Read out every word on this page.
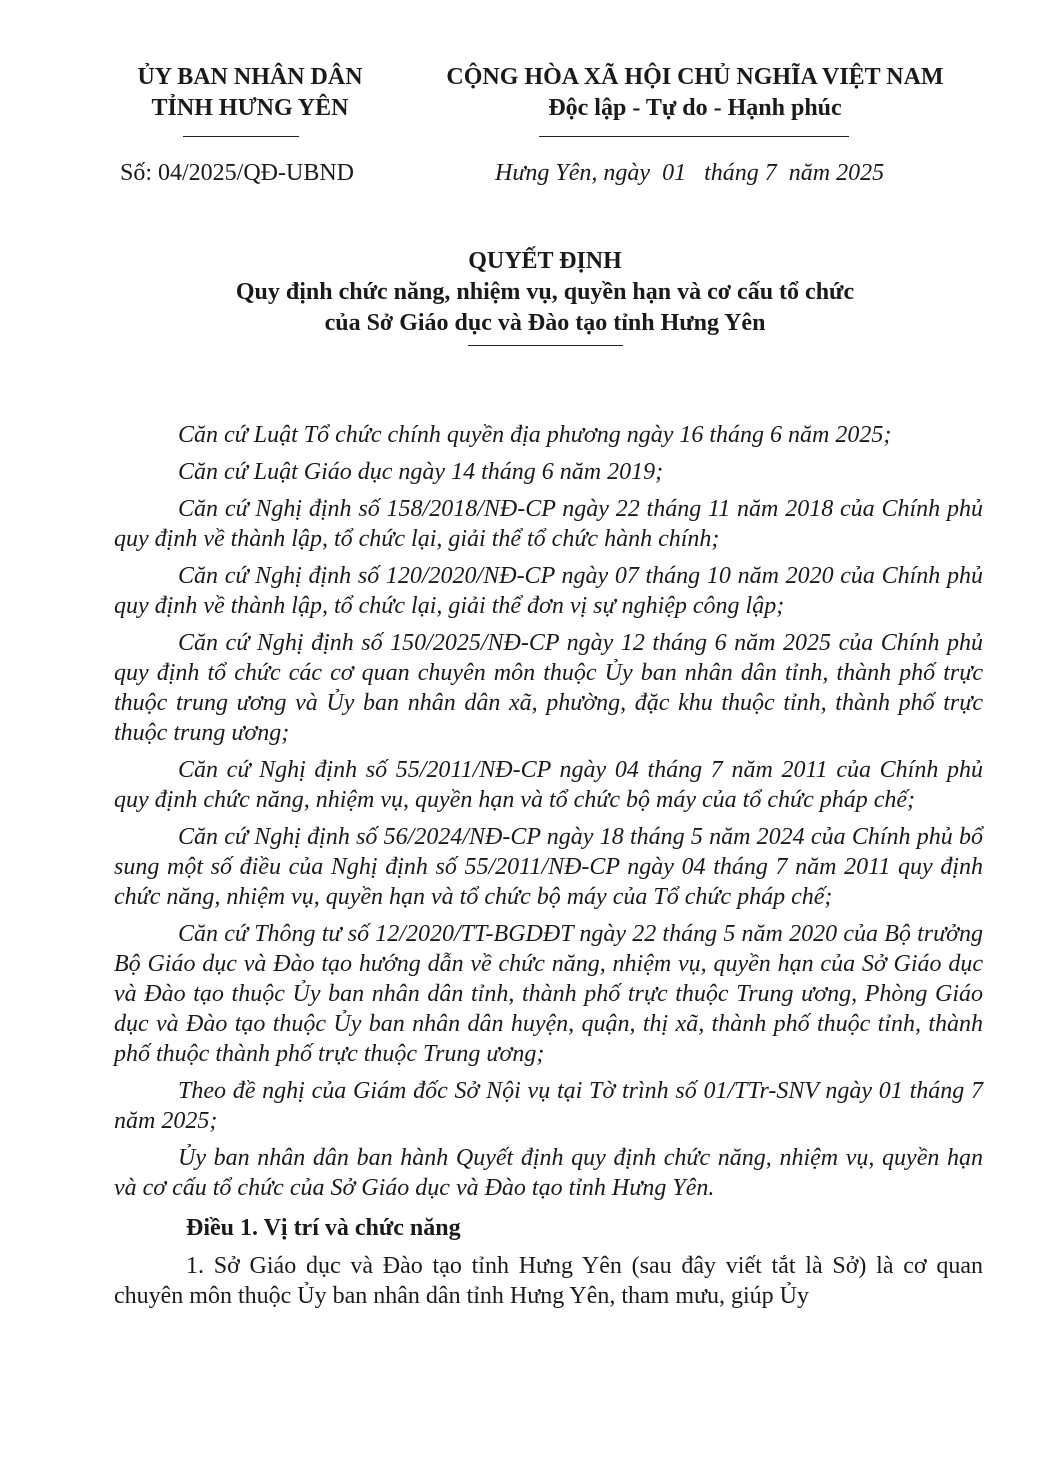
ỦY BAN NHÂN DÂN
TỈNH HƯNG YÊN
CỘNG HÒA XÃ HỘI CHỦ NGHĨA VIỆT NAM
Độc lập - Tự do - Hạnh phúc
Số: 04/2025/QĐ-UBND	Hưng Yên, ngày  01   tháng 7  năm 2025
QUYẾT ĐỊNH
Quy định chức năng, nhiệm vụ, quyền hạn và cơ cấu tổ chức
của Sở Giáo dục và Đào tạo tỉnh Hưng Yên

Căn cứ Luật Tổ chức chính quyền địa phương ngày 16 tháng 6 năm 2025;

Căn cứ Luật Giáo dục ngày 14 tháng 6 năm 2019;

Căn cứ Nghị định số 158/2018/NĐ-CP ngày 22 tháng 11 năm 2018 của Chính phủ quy định về thành lập, tổ chức lại, giải thể tổ chức hành chính;

Căn cứ Nghị định số 120/2020/NĐ-CP ngày 07 tháng 10 năm 2020 của Chính phủ quy định về thành lập, tổ chức lại, giải thể đơn vị sự nghiệp công lập;

Căn cứ Nghị định số 150/2025/NĐ-CP ngày 12 tháng 6 năm 2025 của Chính phủ quy định tổ chức các cơ quan chuyên môn thuộc Ủy ban nhân dân tỉnh, thành phố trực thuộc trung ương và Ủy ban nhân dân xã, phường, đặc khu thuộc tỉnh, thành phố trực thuộc trung ương;

Căn cứ Nghị định số 55/2011/NĐ-CP ngày 04 tháng 7 năm 2011 của Chính phủ quy định chức năng, nhiệm vụ, quyền hạn và tổ chức bộ máy của tổ chức pháp chế;

Căn cứ Nghị định số 56/2024/NĐ-CP ngày 18 tháng 5 năm 2024 của Chính phủ bổ sung một số điều của Nghị định số 55/2011/NĐ-CP ngày 04 tháng 7 năm 2011 quy định chức năng, nhiệm vụ, quyền hạn và tổ chức bộ máy của Tổ chức pháp chế;

Căn cứ Thông tư số 12/2020/TT-BGDĐT ngày 22 tháng 5 năm 2020 của Bộ trưởng Bộ Giáo dục và Đào tạo hướng dẫn về chức năng, nhiệm vụ, quyền hạn của Sở Giáo dục và Đào tạo thuộc Ủy ban nhân dân tỉnh, thành phố trực thuộc Trung ương, Phòng Giáo dục và Đào tạo thuộc Ủy ban nhân dân huyện, quận, thị xã, thành phố thuộc tỉnh, thành phố thuộc thành phố trực thuộc Trung ương;

Theo đề nghị của Giám đốc Sở Nội vụ tại Tờ trình số 01/TTr-SNV ngày 01 tháng 7 năm 2025;

Ủy ban nhân dân ban hành Quyết định quy định chức năng, nhiệm vụ, quyền hạn và cơ cấu tổ chức của Sở Giáo dục và Đào tạo tỉnh Hưng Yên.

Điều 1. Vị trí và chức năng

1. Sở Giáo dục và Đào tạo tỉnh Hưng Yên (sau đây viết tắt là Sở) là cơ quan chuyên môn thuộc Ủy ban nhân dân tỉnh Hưng Yên, tham mưu, giúp Ủy
